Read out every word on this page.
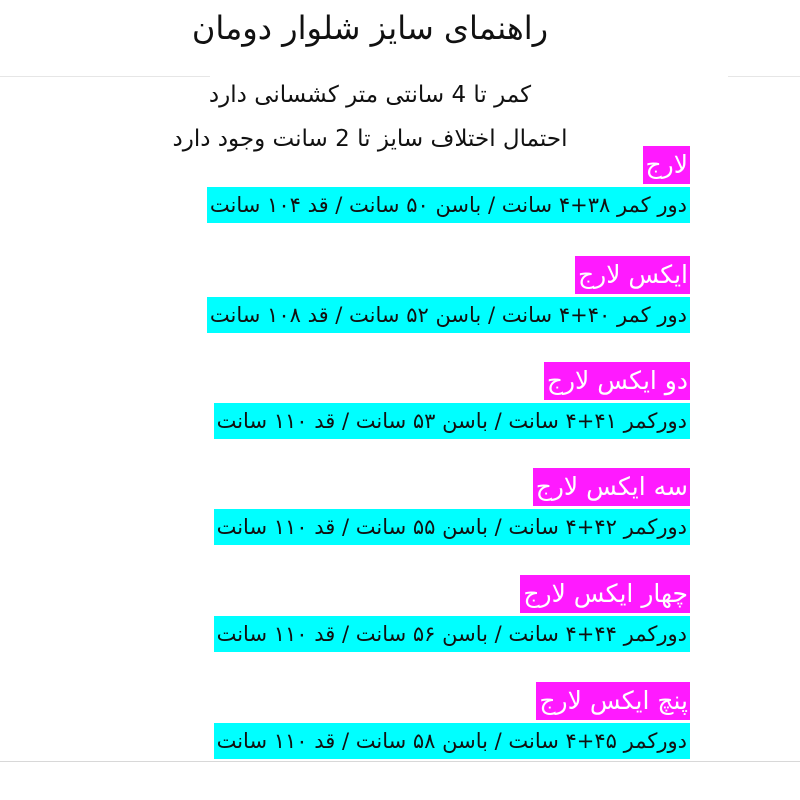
راهنمای سایز شلوار دومان

کمر تا 4 سانتی متر کشسانی دارد

احتمال اختلاف سایز تا 2 سانت وجود دارد

لارج
دور کمر ۳۸+۴ سانت / باسن ۵۰ سانت / قد ۱۰۴ سانت
ایکس لارج
دور کمر ۴۰+۴ سانت / باسن ۵۲ سانت / قد ۱۰۸ سانت
دو ایکس لارج
دورکمر ۴۱+۴ سانت / باسن ۵۳ سانت / قد ۱۱۰ سانت
سه ایکس لارج
دورکمر ۴۲+۴ سانت / باسن ۵۵ سانت / قد ۱۱۰ سانت
چهار ایکس لارج
دورکمر ۴۴+۴ سانت / باسن ۵۶ سانت / قد ۱۱۰ سانت
پنچ ایکس لارج
دورکمر ۴۵+۴ سانت / باسن ۵۸ سانت / قد ۱۱۰ سانت
